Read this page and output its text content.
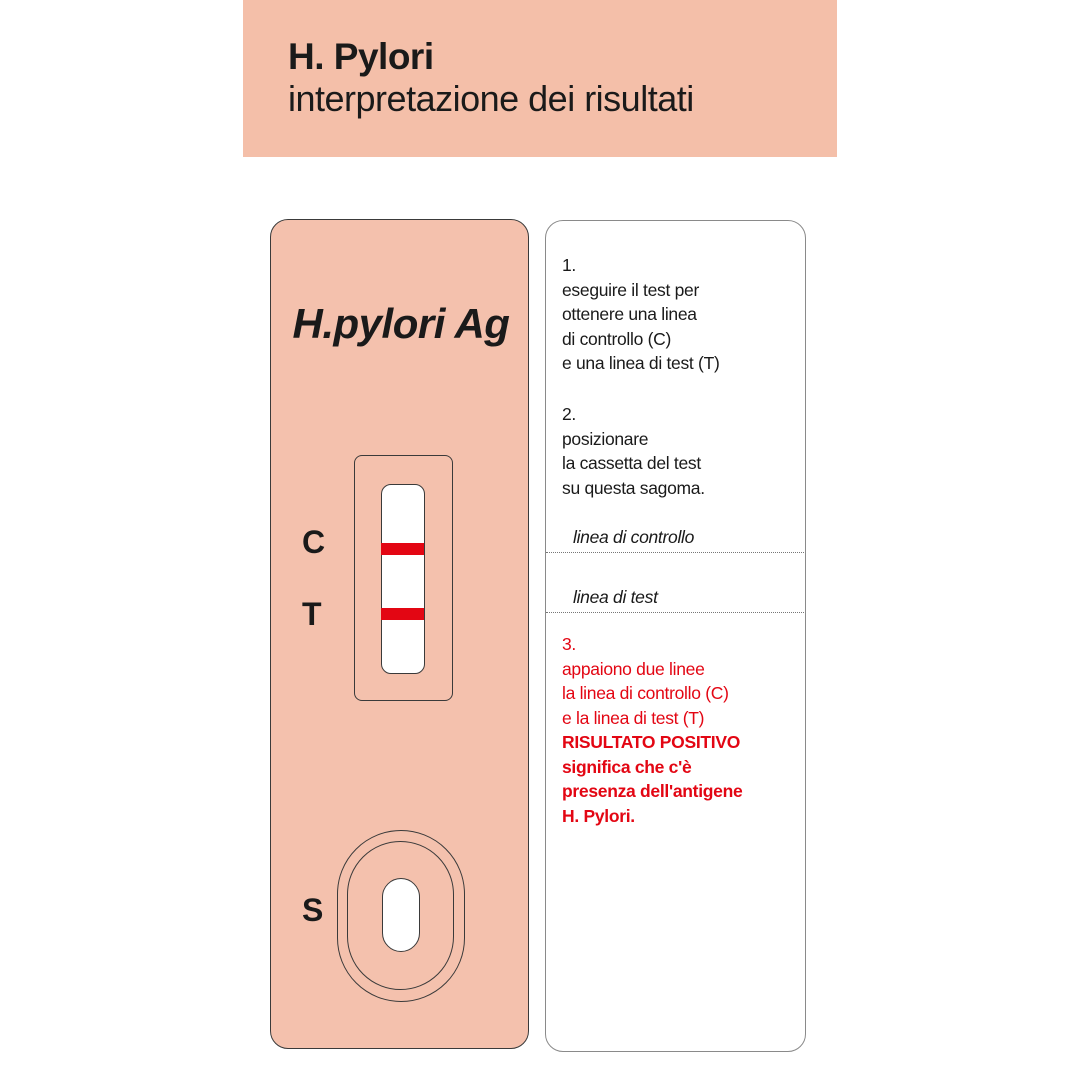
H. Pylori
interpretazione dei risultati
H.pylori Ag
C
T
S
1.
eseguire il test per
ottenere una linea
di controllo (C)
e una linea di test (T)
2.
posizionare
la cassetta del test
su questa sagoma.
linea di controllo
linea di test
3.
appaiono due linee
la linea di controllo (C)
e la linea di test (T)
RISULTATO POSITIVO
significa che c'è
presenza dell'antigene
H. Pylori.
